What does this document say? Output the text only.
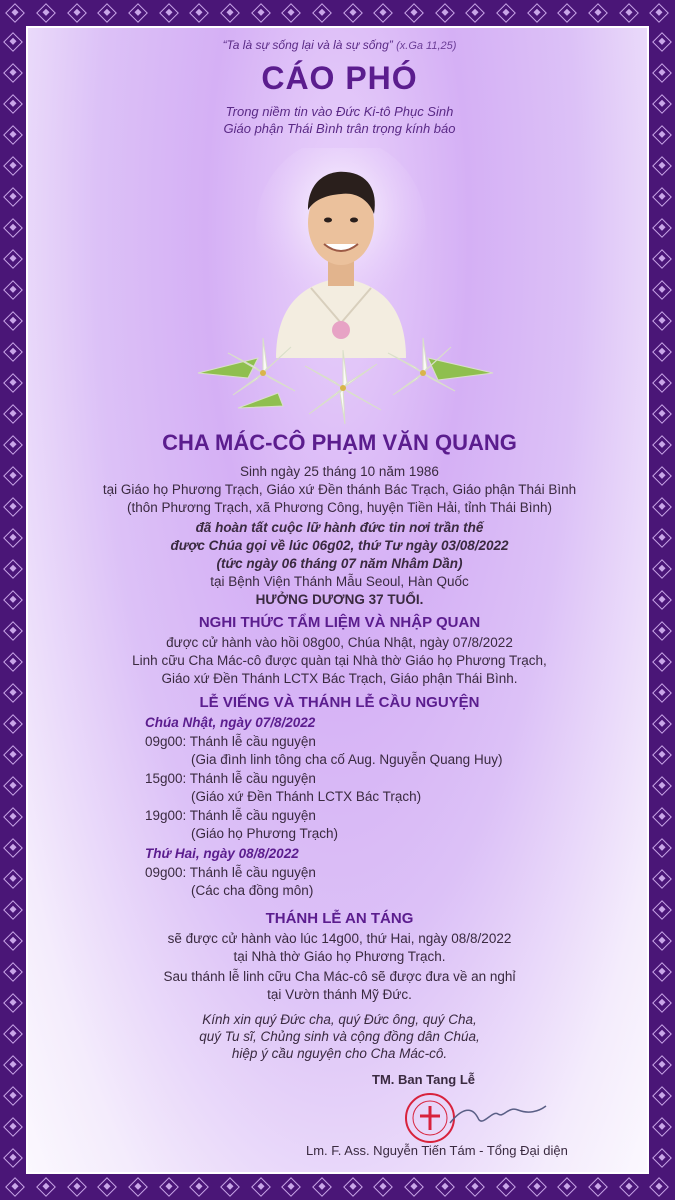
“Ta là sự sống lại và là sự sống” (x.Ga 11,25)

CÁO PHÓ

Trong niềm tin vào Đức Ki-tô Phục Sinh

Giáo phận Thái Bình trân trọng kính báo

CHA MÁC-CÔ PHẠM VĂN QUANG

Sinh ngày 25 tháng 10 năm 1986

tại Giáo họ Phương Trạch, Giáo xứ Đền thánh Bác Trạch, Giáo phận Thái Bình

(thôn Phương Trạch, xã Phương Công, huyện Tiền Hải, tỉnh Thái Bình)

đã hoàn tất cuộc lữ hành đức tin nơi trần thế

được Chúa gọi về lúc 06g02, thứ Tư ngày 03/08/2022

(tức ngày 06 tháng 07 năm Nhâm Dần)

tại Bệnh Viện Thánh Mẫu Seoul, Hàn Quốc

HƯỞNG DƯƠNG 37 TUỔI.

NGHI THỨC TẨM LIỆM VÀ NHẬP QUAN

được cử hành vào hồi 08g00, Chúa Nhật, ngày 07/8/2022

Linh cữu Cha Mác-cô được quàn tại Nhà thờ Giáo họ Phương Trạch,

Giáo xứ Đền Thánh LCTX Bác Trạch, Giáo phận Thái Bình.

LỄ VIẾNG VÀ THÁNH LỄ CẦU NGUYỆN

Chúa Nhật, ngày 07/8/2022

09g00: Thánh lễ cầu nguyện

(Gia đình linh tông cha cố Aug. Nguyễn Quang Huy)

15g00: Thánh lễ cầu nguyện

(Giáo xứ Đền Thánh LCTX Bác Trạch)

19g00: Thánh lễ cầu nguyện

(Giáo họ Phương Trạch)

Thứ Hai, ngày 08/8/2022

09g00: Thánh lễ cầu nguyện

(Các cha đồng môn)

THÁNH LỄ AN TÁNG

sẽ được cử hành vào lúc 14g00, thứ Hai, ngày 08/8/2022

tại Nhà thờ Giáo họ Phương Trạch.

Sau thánh lễ linh cữu Cha Mác-cô sẽ được đưa về an nghỉ

tại Vườn thánh Mỹ Đức.

Kính xin quý Đức cha, quý Đức ông, quý Cha,

quý Tu sĩ, Chủng sinh và cộng đồng dân Chúa,

hiệp ý cầu nguyện cho Cha Mác-cô.

TM. Ban Tang Lễ

Lm. F. Ass. Nguyễn Tiến Tám - Tổng Đại diện
